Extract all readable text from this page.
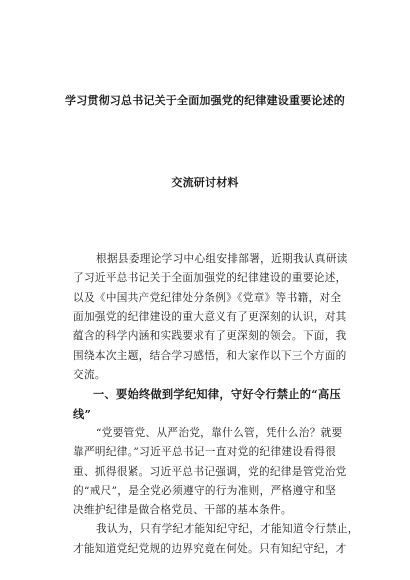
学习贯彻习总书记关于全面加强党的纪律建设重要论述的
交流研讨材料
根据县委理论学习中心组安排部署，近期我认真研读
了习近平总书记关于全面加强党的纪律建设的重要论述，
以及《中国共产党纪律处分条例》《党章》等书籍，对全
面加强党的纪律建设的重大意义有了更深刻的认识，对其
蕴含的科学内涵和实践要求有了更深刻的领会。下面，我
围绕本次主题，结合学习感悟，和大家作以下三个方面的
交流。
一、要始终做到学纪知律，守好令行禁止的“高压
线”
“党要管党、从严治党，靠什么管，凭什么治？就要
靠严明纪律。”习近平总书记一直对党的纪律建设看得很
重、抓得很紧。习近平总书记强调，党的纪律是管党治党
的“戒尺”，是全党必须遵守的行为准则，严格遵守和坚
决维护纪律是做合格党员、干部的基本条件。
我认为，只有学纪才能知纪守纪，才能知道令行禁止，
才能知道党纪党规的边界究竟在何处。只有知纪守纪，才
